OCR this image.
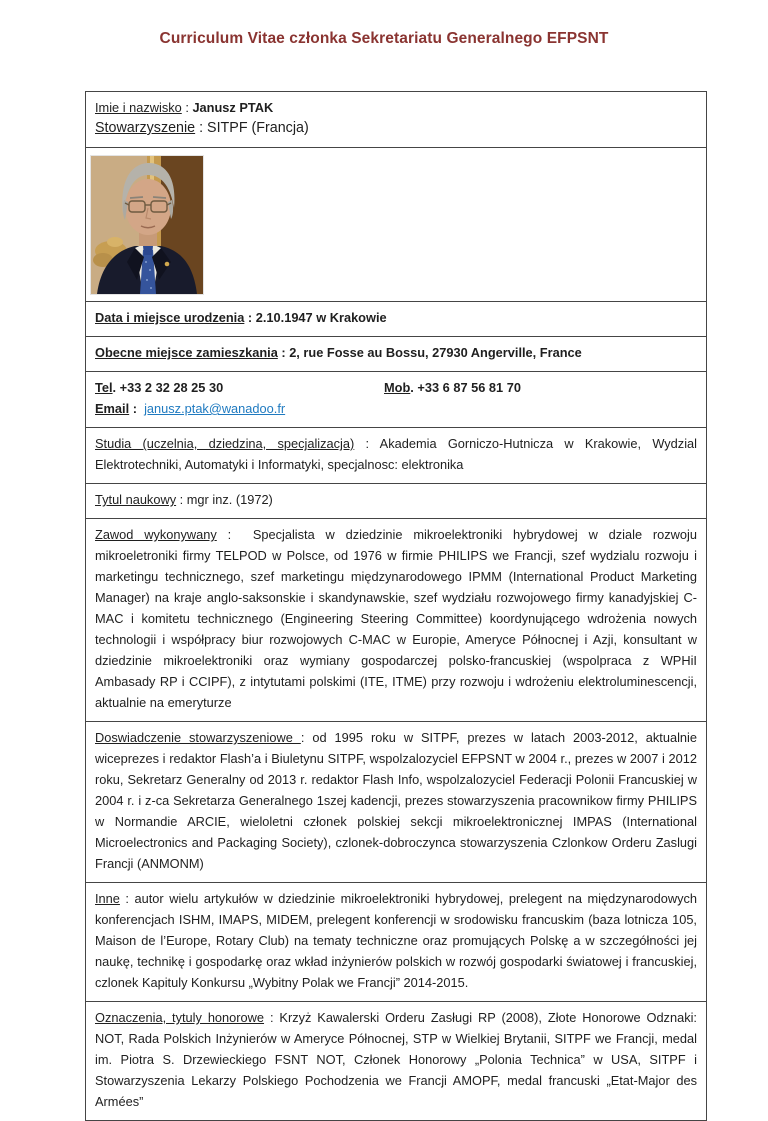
Curriculum Vitae członka Sekretariatu Generalnego EFPSNT

Imie i nazwisko : Janusz PTAK

Stowarzyszenie : SITPF (Francja)

Data i miejsce urodzenia : 2.10.1947 w Krakowie

Obecne miejsce zamieszkania : 2, rue Fosse au Bossu, 27930 Angerville, France

Tel. +33 2 32 28 25 30	Mob. +33 6 87 56 81 70

Email :  janusz.ptak@wanadoo.fr

Studia (uczelnia, dziedzina, specjalizacja) : Akademia Gorniczo-Hutnicza w Krakowie, Wydzial Elektrotechniki, Automatyki i Informatyki, specjalnosc: elektronika

Tytul naukowy : mgr inz. (1972)

Zawod wykonywany :  Specjalista w dziedzinie mikroelektroniki hybrydowej w dziale rozwoju mikroeletroniki firmy TELPOD w Polsce, od 1976 w firmie PHILIPS we Francji, szef wydzialu rozwoju i marketingu technicznego, szef marketingu międzynarodowego IPMM (International Product Marketing Manager) na kraje anglo-saksonskie i skandynawskie, szef wydziału rozwojowego firmy kanadyjskiej C-MAC i komitetu technicznego (Engineering Steering Committee) koordynującego wdrożenia nowych technologii i współpracy biur rozwojowych C-MAC w Europie, Ameryce Północnej i Azji, konsultant w dziedzinie mikroelektroniki oraz wymiany gospodarczej polsko-francuskiej (wspolpraca z WPHiI Ambasady RP i CCIPF), z intytutami polskimi (ITE, ITME) przy rozwoju i wdrożeniu elektroluminescencji, aktualnie na emeryturze

Doswiadczenie stowarzyszeniowe : od 1995 roku w SITPF, prezes w latach 2003-2012, aktualnie wiceprezes i redaktor Flash’a i Biuletynu SITPF, wspolzalozyciel EFPSNT w 2004 r., prezes w 2007 i 2012 roku, Sekretarz Generalny od 2013 r. redaktor Flash Info, wspolzalozyciel Federacji Polonii Francuskiej w 2004 r. i z-ca Sekretarza Generalnego 1szej kadencji, prezes stowarzyszenia pracownikow firmy PHILIPS w Normandie ARCIE, wieloletni członek polskiej sekcji mikroelektronicznej IMPAS (International Microelectronics and Packaging Society), czlonek-dobroczynca stowarzyszenia Czlonkow Orderu Zaslugi Francji (ANMONM)

Inne : autor wielu artykułów w dziedzinie mikroelektroniki hybrydowej, prelegent na międzynarodowych konferencjach ISHM, IMAPS, MIDEM, prelegent konferencji w srodowisku francuskim (baza lotnicza 105, Maison de l’Europe, Rotary Club) na tematy techniczne oraz promujących Polskę a w szczegółności jej naukę, technikę i gospodarkę oraz wkład inżynierów polskich w rozwój gospodarki światowej i francuskiej, czlonek Kapituly Konkursu „Wybitny Polak we Francji” 2014-2015.

Oznaczenia, tytuly honorowe : Krzyż Kawalerski Orderu Zasługi RP (2008), Złote Honorowe Odznaki: NOT, Rada Polskich Inżynierów w Ameryce Północnej, STP w Wielkiej Brytanii, SITPF we Francji, medal im. Piotra S. Drzewieckiego FSNT NOT, Członek Honorowy „Polonia Technica” w USA, SITPF i Stowarzyszenia Lekarzy Polskiego Pochodzenia we Francji AMOPF, medal francuski „Etat-Major des Armées”
